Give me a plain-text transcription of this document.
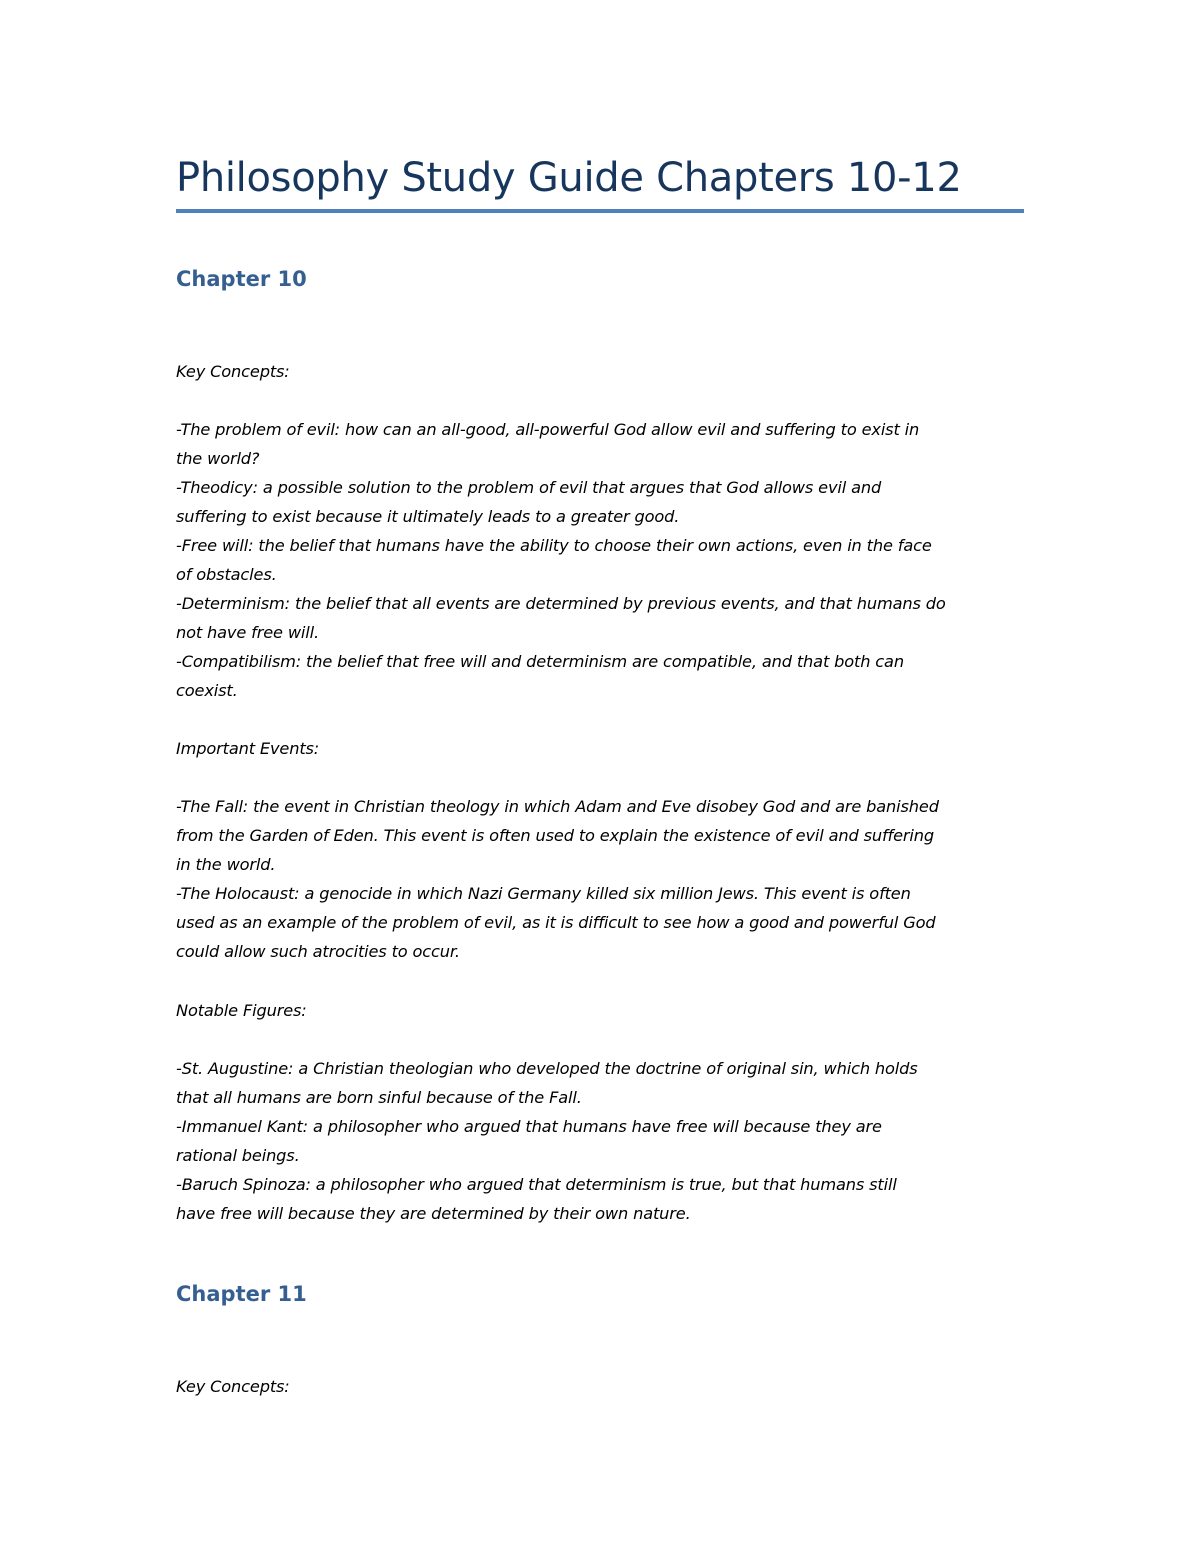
Philosophy Study Guide Chapters 10-12
Chapter 10

Key Concepts:

-The problem of evil: how can an all-good, all-powerful God allow evil and suffering to exist in
the world?
-Theodicy: a possible solution to the problem of evil that argues that God allows evil and
suffering to exist because it ultimately leads to a greater good.
-Free will: the belief that humans have the ability to choose their own actions, even in the face
of obstacles.
-Determinism: the belief that all events are determined by previous events, and that humans do
not have free will.
-Compatibilism: the belief that free will and determinism are compatible, and that both can
coexist.

Important Events:

-The Fall: the event in Christian theology in which Adam and Eve disobey God and are banished
from the Garden of Eden. This event is often used to explain the existence of evil and suffering
in the world.
-The Holocaust: a genocide in which Nazi Germany killed six million Jews. This event is often
used as an example of the problem of evil, as it is difficult to see how a good and powerful God
could allow such atrocities to occur.

Notable Figures:

-St. Augustine: a Christian theologian who developed the doctrine of original sin, which holds
that all humans are born sinful because of the Fall.
-Immanuel Kant: a philosopher who argued that humans have free will because they are
rational beings.
-Baruch Spinoza: a philosopher who argued that determinism is true, but that humans still
have free will because they are determined by their own nature.

Chapter 11

Key Concepts:
